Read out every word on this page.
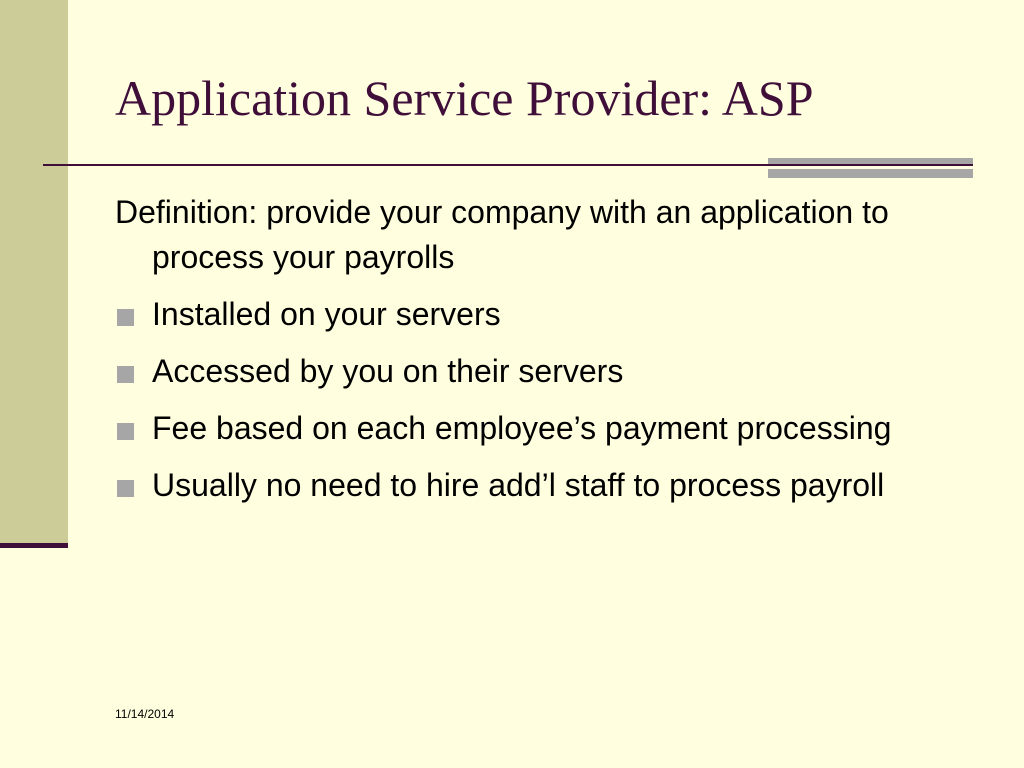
Application Service Provider: ASP
Definition: provide your company with an application to process your payrolls
Installed on your servers
Accessed by you on their servers
Fee based on each employee’s payment processing
Usually no need to hire add’l staff to process payroll
11/14/2014
